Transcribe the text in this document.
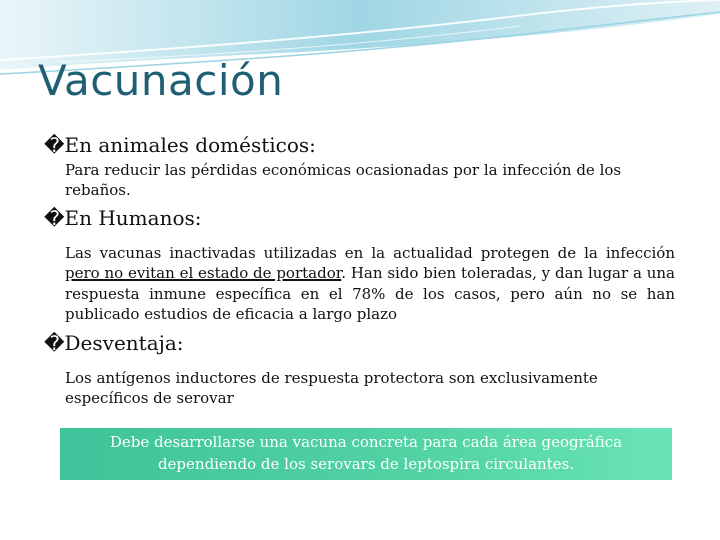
Vacunación
�En animales domésticos:
Para reducir las pérdidas económicas ocasionadas por la infección de los rebaños.
�En Humanos:
Las vacunas inactivadas utilizadas en la actualidad protegen de la infección pero no evitan el estado de portador. Han sido bien toleradas, y dan lugar a una respuesta inmune específica en el 78% de los casos, pero aún no se han publicado estudios de eficacia a largo plazo
�Desventaja:
Los antígenos inductores de respuesta protectora son exclusivamente específicos de serovar

Debe desarrollarse una vacuna concreta para cada área geográfica dependiendo de los serovars de leptospira circulantes.
